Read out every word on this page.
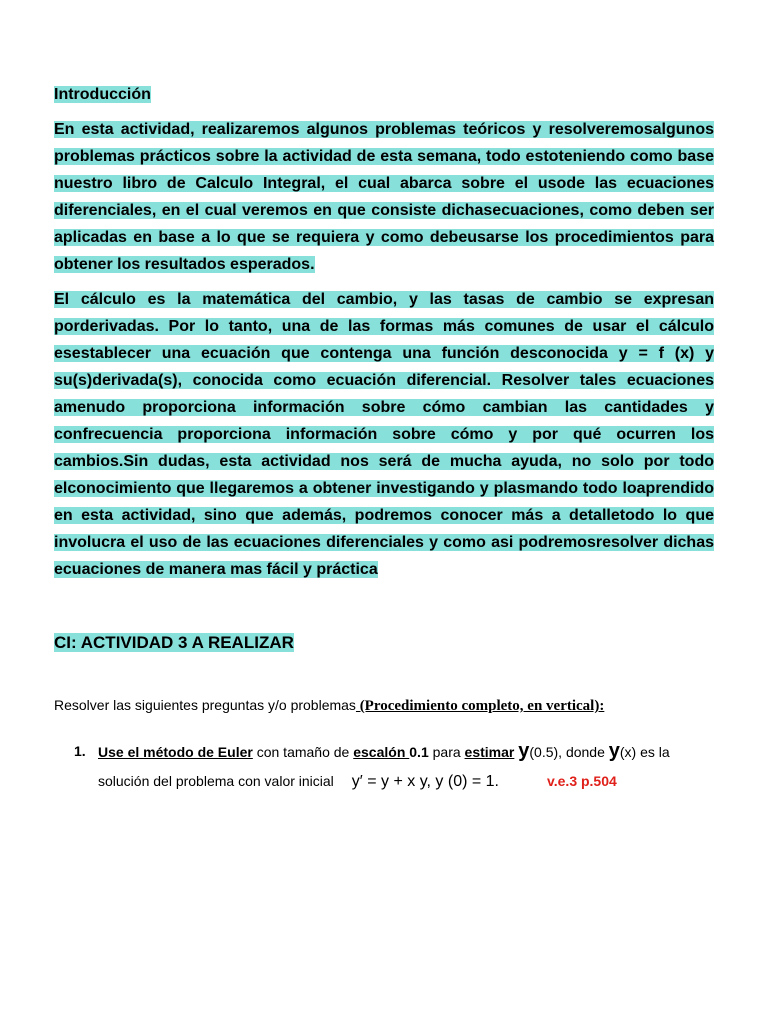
Introducción
En esta actividad, realizaremos algunos problemas teóricos y resolveremosalgunos problemas prácticos sobre la actividad de esta semana, todo estoteniendo como base nuestro libro de Calculo Integral, el cual abarca sobre el usode las ecuaciones diferenciales, en el cual veremos en que consiste dichasecuaciones, como deben ser aplicadas en base a lo que se requiera y como debeusarse los procedimientos para obtener los resultados esperados.
El cálculo es la matemática del cambio, y las tasas de cambio se expresan porderivadas. Por lo tanto, una de las formas más comunes de usar el cálculo esestablecer una ecuación que contenga una función desconocida y = f (x) y su(s)derivada(s), conocida como ecuación diferencial. Resolver tales ecuaciones amenudo proporciona información sobre cómo cambian las cantidades y confrecuencia proporciona información sobre cómo y por qué ocurren los cambios.Sin dudas, esta actividad nos será de mucha ayuda, no solo por todo elconocimiento que llegaremos a obtener investigando y plasmando todo loaprendido en esta actividad, sino que además, podremos conocer más a detalletodo lo que involucra el uso de las ecuaciones diferenciales y como asi podremosresolver dichas ecuaciones de manera mas fácil y práctica
CI: ACTIVIDAD 3 A REALIZAR
Resolver las siguientes preguntas y/o problemas (Procedimiento completo, en vertical):
1. Use el método de Euler con tamaño de escalón 0.1 para estimar y(0.5), donde y(x) es la
solución del problema con valor inicial y′ = y + x y, y (0) = 1.	v.e.3 p.504
